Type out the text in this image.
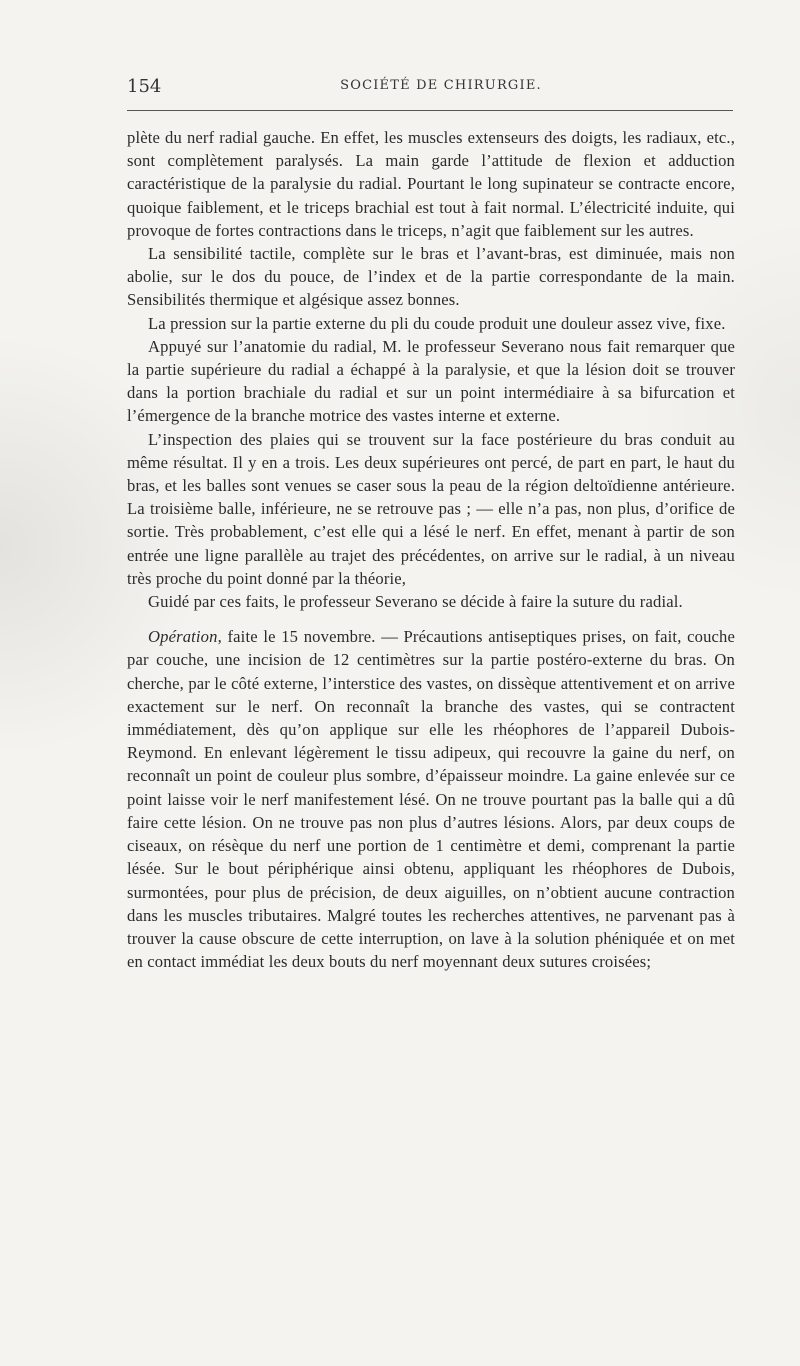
154	SOCIÉTÉ DE CHIRURGIE.

plète du nerf radial gauche. En effet, les muscles extenseurs des doigts, les radiaux, etc., sont complètement paralysés. La main garde l’attitude de flexion et adduction caractéristique de la paralysie du radial. Pourtant le long supinateur se contracte encore, quoique faiblement, et le triceps brachial est tout à fait normal. L’électricité induite, qui provoque de fortes contractions dans le triceps, n’agit que faiblement sur les autres.

La sensibilité tactile, complète sur le bras et l’avant-bras, est diminuée, mais non abolie, sur le dos du pouce, de l’index et de la partie correspondante de la main. Sensibilités thermique et algésique assez bonnes.

La pression sur la partie externe du pli du coude produit une douleur assez vive, fixe.

Appuyé sur l’anatomie du radial, M. le professeur Severano nous fait remarquer que la partie supérieure du radial a échappé à la paralysie, et que la lésion doit se trouver dans la portion brachiale du radial et sur un point intermédiaire à sa bifurcation et l’émergence de la branche motrice des vastes interne et externe.

L’inspection des plaies qui se trouvent sur la face postérieure du bras conduit au même résultat. Il y en a trois. Les deux supérieures ont percé, de part en part, le haut du bras, et les balles sont venues se caser sous la peau de la région deltoïdienne antérieure. La troisième balle, inférieure, ne se retrouve pas ; — elle n’a pas, non plus, d’orifice de sortie. Très probablement, c’est elle qui a lésé le nerf. En effet, menant à partir de son entrée une ligne parallèle au trajet des précédentes, on arrive sur le radial, à un niveau très proche du point donné par la théorie,

Guidé par ces faits, le professeur Severano se décide à faire la suture du radial.

Opération, faite le 15 novembre. — Précautions antiseptiques prises, on fait, couche par couche, une incision de 12 centimètres sur la partie postéro-externe du bras. On cherche, par le côté externe, l’interstice des vastes, on dissèque attentivement et on arrive exactement sur le nerf. On reconnaît la branche des vastes, qui se contractent immédiatement, dès qu’on applique sur elle les rhéophores de l’appareil Dubois-Reymond. En enlevant légèrement le tissu adipeux, qui recouvre la gaine du nerf, on reconnaît un point de couleur plus sombre, d’épaisseur moindre. La gaine enlevée sur ce point laisse voir le nerf manifestement lésé. On ne trouve pourtant pas la balle qui a dû faire cette lésion. On ne trouve pas non plus d’autres lésions. Alors, par deux coups de ciseaux, on résèque du nerf une portion de 1 centimètre et demi, comprenant la partie lésée. Sur le bout périphérique ainsi obtenu, appliquant les rhéophores de Dubois, surmontées, pour plus de précision, de deux aiguilles, on n’obtient aucune contraction dans les muscles tributaires. Malgré toutes les recherches attentives, ne parvenant pas à trouver la cause obscure de cette interruption, on lave à la solution phéniquée et on met en contact immédiat les deux bouts du nerf moyennant deux sutures croisées;
